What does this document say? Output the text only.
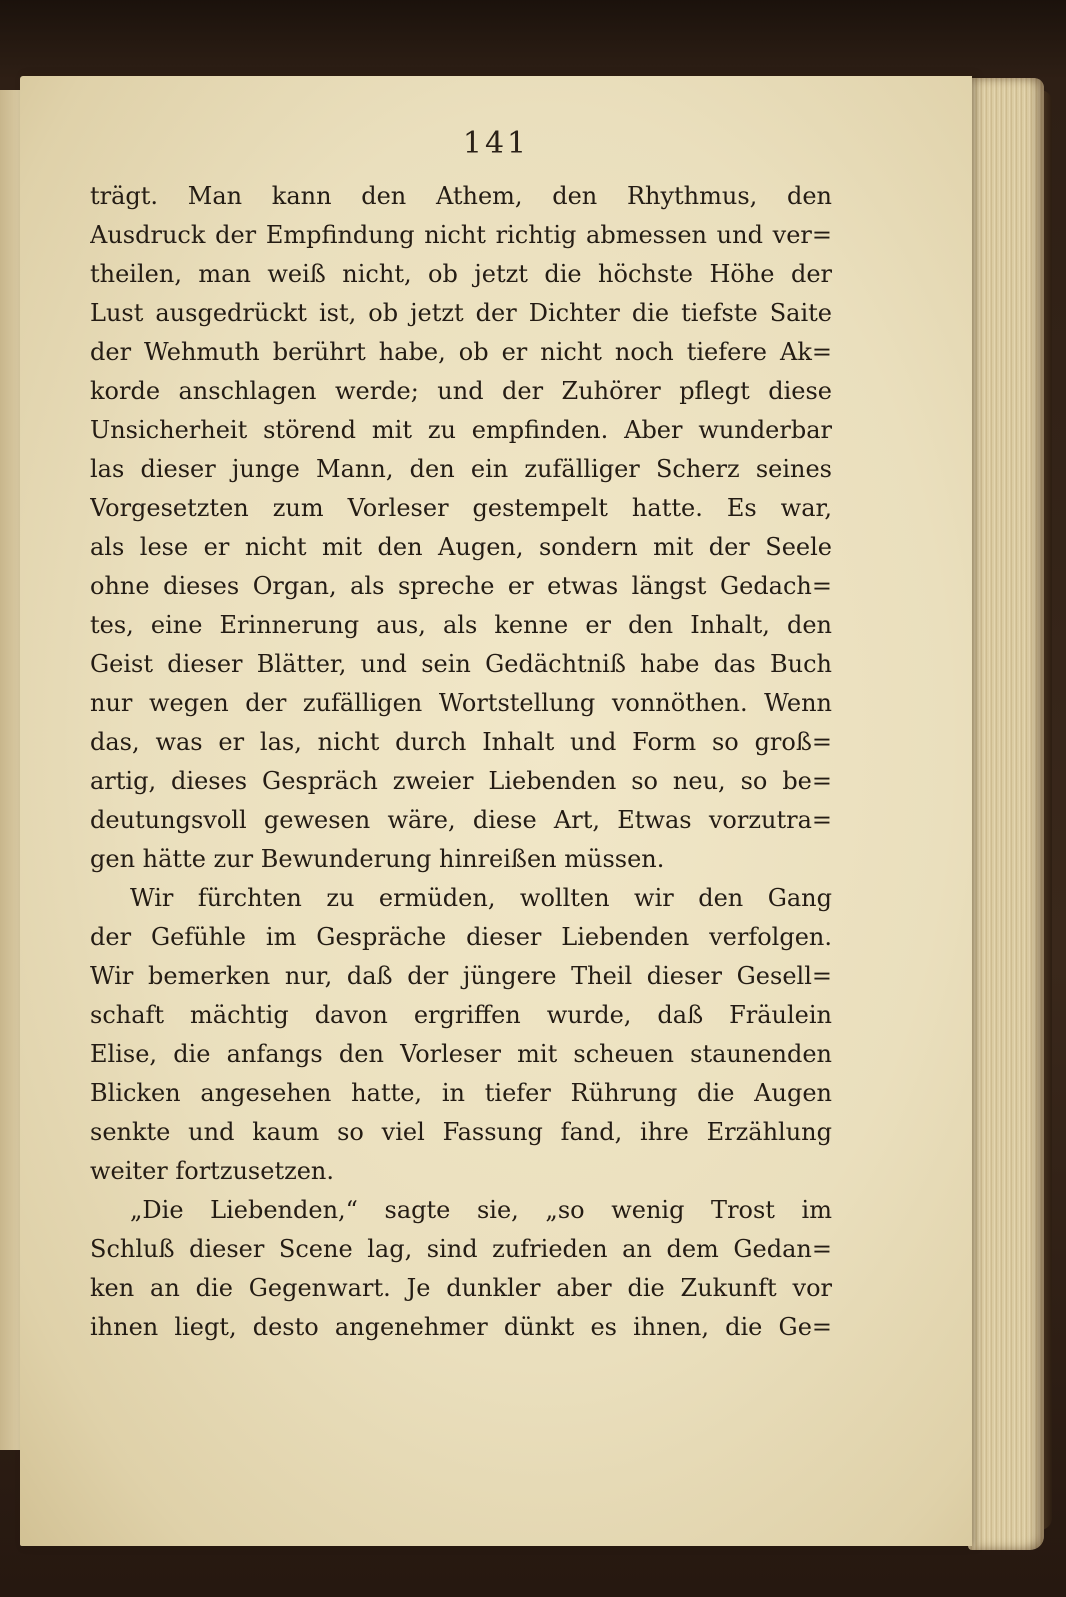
141
trägt. Man kann den Athem, den Rhythmus, den
Ausdruck der Empfindung nicht richtig abmessen und ver=
theilen, man weiß nicht, ob jetzt die höchste Höhe der
Lust ausgedrückt ist, ob jetzt der Dichter die tiefste Saite
der Wehmuth berührt habe, ob er nicht noch tiefere Ak=
korde anschlagen werde; und der Zuhörer pflegt diese
Unsicherheit störend mit zu empfinden. Aber wunderbar
las dieser junge Mann, den ein zufälliger Scherz seines
Vorgesetzten zum Vorleser gestempelt hatte. Es war,
als lese er nicht mit den Augen, sondern mit der Seele
ohne dieses Organ, als spreche er etwas längst Gedach=
tes, eine Erinnerung aus, als kenne er den Inhalt, den
Geist dieser Blätter, und sein Gedächtniß habe das Buch
nur wegen der zufälligen Wortstellung vonnöthen. Wenn
das, was er las, nicht durch Inhalt und Form so groß=
artig, dieses Gespräch zweier Liebenden so neu, so be=
deutungsvoll gewesen wäre, diese Art, Etwas vorzutra=
gen hätte zur Bewunderung hinreißen müssen.
Wir fürchten zu ermüden, wollten wir den Gang
der Gefühle im Gespräche dieser Liebenden verfolgen.
Wir bemerken nur, daß der jüngere Theil dieser Gesell=
schaft mächtig davon ergriffen wurde, daß Fräulein
Elise, die anfangs den Vorleser mit scheuen staunenden
Blicken angesehen hatte, in tiefer Rührung die Augen
senkte und kaum so viel Fassung fand, ihre Erzählung
weiter fortzusetzen.
„Die Liebenden,“ sagte sie, „so wenig Trost im
Schluß dieser Scene lag, sind zufrieden an dem Gedan=
ken an die Gegenwart. Je dunkler aber die Zukunft vor
ihnen liegt, desto angenehmer dünkt es ihnen, die Ge=
